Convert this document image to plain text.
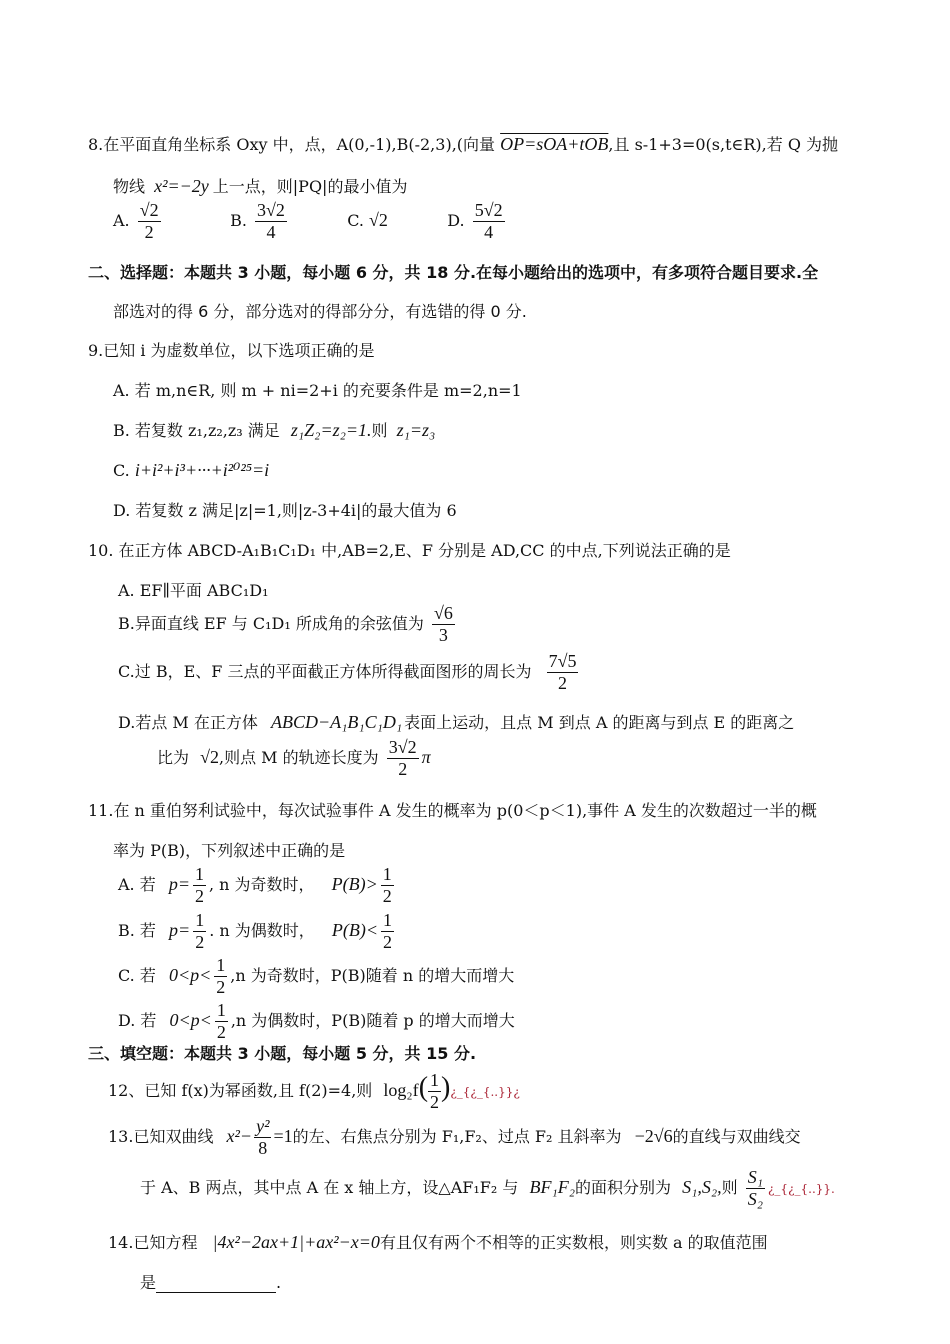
8.在平面直角坐标系 Oxy 中，点，A(0,-1),B(-2,3),(向量 OP=sOA+tOB,且 s-1+3=0(s,t∈R),若 Q 为抛
物线 x²=−2y 上一点，则|PQ|的最小值为
A. $\frac{√2}{2}$	B. $\frac{3√2}{4}$	C. √2	D. $\frac{5√2}{4}$
二、选择题：本题共 3 小题，每小题 6 分，共 18 分.在每小题给出的选项中，有多项符合题目要求.全
部选对的得 6 分，部分选对的得部分分，有选错的得 0 分.
9.已知 i 为虚数单位，以下选项正确的是
A. 若 m,n∈R, 则 m + ni=2+i 的充要条件是 m=2,n=1
B. 若复数 z₁,z₂,z₃ 满足 z₁Z₂=z₂=1.则 z₁=z₃
C. i+i²+i³+···+i²⁰²⁵=i
D. 若复数 z 满足|z|=1,则|z-3+4i|的最大值为 6
10. 在正方体 ABCD-A₁B₁C₁D₁ 中,AB=2,E、F 分别是 AD,CC 的中点,下列说法正确的是
A. EF∥平面 ABC₁D₁
B.异面直线 EF 与 C₁D₁ 所成角的余弦值为 $\frac{√6}{3}$
C.过 B，E、F 三点的平面截正方体所得截面图形的周长为 $\frac{7√5}{2}$
D.若点 M 在正方体 ABCD−A₁B₁C₁D₁ 表面上运动，且点 M 到点 A 的距离与到点 E 的距离之
比为 √2,则点 M 的轨迹长度为 $\frac{3√2}{2}$ π
11.在 n 重伯努利试验中，每次试验事件 A 发生的概率为 p(0＜p＜1),事件 A 发生的次数超过一半的概
率为 P(B)，下列叙述中正确的是
A. 若 $p= \frac{1}{2}$ , n 为奇数时， $P(B)> \frac{1}{2}$
B. 若 $p= \frac{1}{2}$ . n 为偶数时， $P(B)< \frac{1}{2}$
C. 若 $0<p< \frac{1}{2} ,n$ 为奇数时，P(B)随着 n 的增大而增大
D. 若 $0<p< \frac{1}{2} ,n$ 为偶数时，P(B)随着 p 的增大而增大
三、填空题：本题共 3 小题，每小题 5 分，共 15 分.
12、已知 f(x)为幂函数,且 f(2)=4,则 $\log_2f( \frac{1}{2}$ )¿_{¿_{..}}¿
13.已知双曲线 $x^2- \frac{\text{y²}}{8} =1$的左、右焦点分别为 F₁,F₂、过点 F₂ 且斜率为 −2√6的直线与双曲线交
于 A、B 两点，其中点 A 在 x 轴上方，设△AF₁F₂ 与 BF₁F₂的面积分别为 S₁,S₂,则 $\frac{\text{S₁}}{\text{S₂}}$ ¿_{¿_{..}}.
14.已知方程 |4x²−2ax+1|+ax²−x=0有且仅有两个不相等的正实数根，则实数 a 的取值范围
是	.
